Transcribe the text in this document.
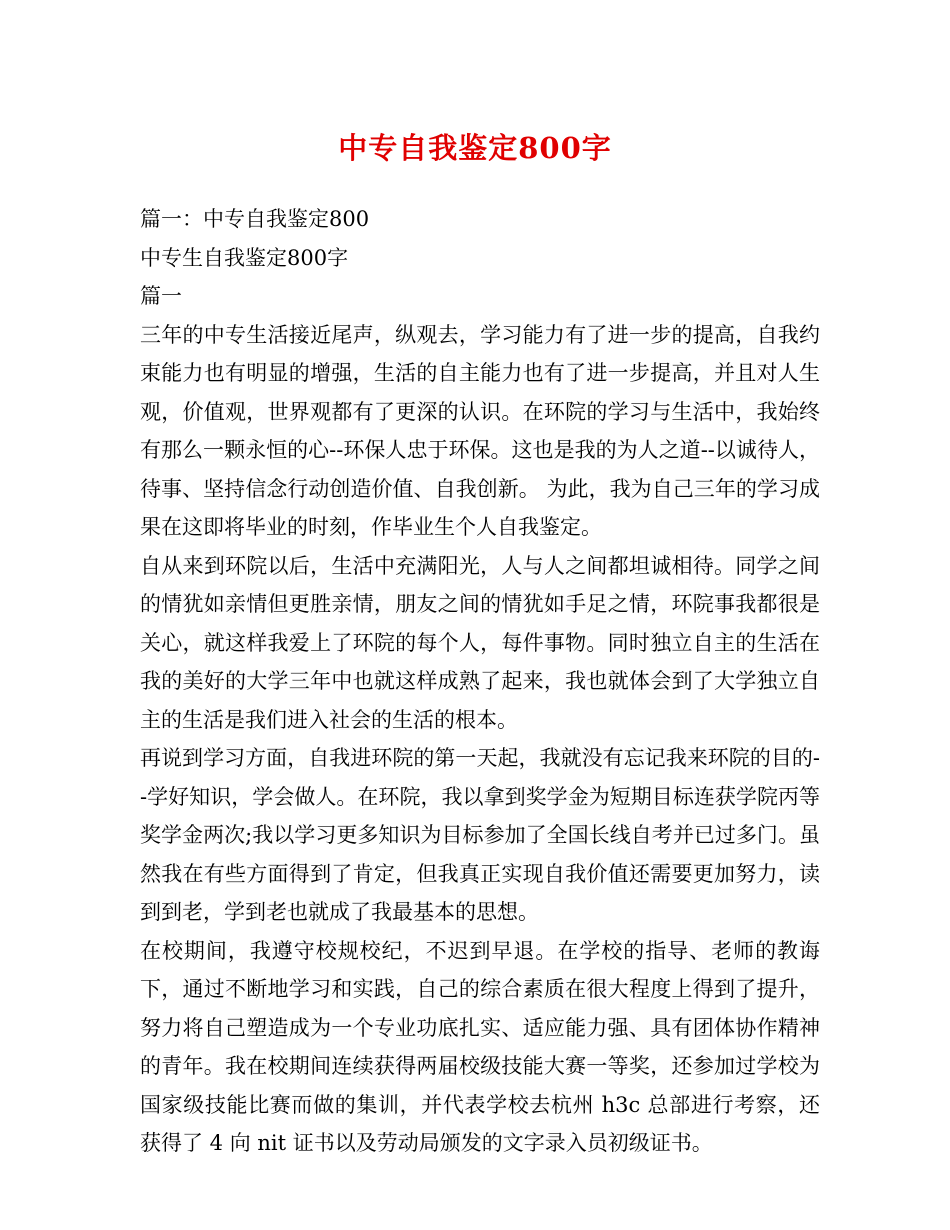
中专自我鉴定800字

篇一：中专自我鉴定800

中专生自我鉴定800字

篇一

三年的中专生活接近尾声，纵观去，学习能力有了进一步的提高，自我约束能力也有明显的增强，生活的自主能力也有了进一步提高，并且对人生观，价值观，世界观都有了更深的认识。在环院的学习与生活中，我始终有那么一颗永恒的心--环保人忠于环保。这也是我的为人之道--以诚待人，待事、坚持信念行动创造价值、自我创新。 为此，我为自己三年的学习成果在这即将毕业的时刻，作毕业生个人自我鉴定。

自从来到环院以后，生活中充满阳光，人与人之间都坦诚相待。同学之间的情犹如亲情但更胜亲情，朋友之间的情犹如手足之情，环院事我都很是关心，就这样我爱上了环院的每个人，每件事物。同时独立自主的生活在我的美好的大学三年中也就这样成熟了起来，我也就体会到了大学独立自主的生活是我们进入社会的生活的根本。

再说到学习方面，自我进环院的第一天起，我就没有忘记我来环院的目的--学好知识，学会做人。在环院，我以拿到奖学金为短期目标连获学院丙等奖学金两次;我以学习更多知识为目标参加了全国长线自考并已过多门。虽然我在有些方面得到了肯定，但我真正实现自我价值还需要更加努力，读到到老，学到老也就成了我最基本的思想。

在校期间，我遵守校规校纪，不迟到早退。在学校的指导、老师的教诲下，通过不断地学习和实践，自己的综合素质在很大程度上得到了提升，努力将自己塑造成为一个专业功底扎实、适应能力强、具有团体协作精神的青年。我在校期间连续获得两届校级技能大赛一等奖，还参加过学校为国家级技能比赛而做的集训，并代表学校去杭州 h3c 总部进行考察，还获得了 4 向 nit 证书以及劳动局颁发的文字录入员初级证书。
